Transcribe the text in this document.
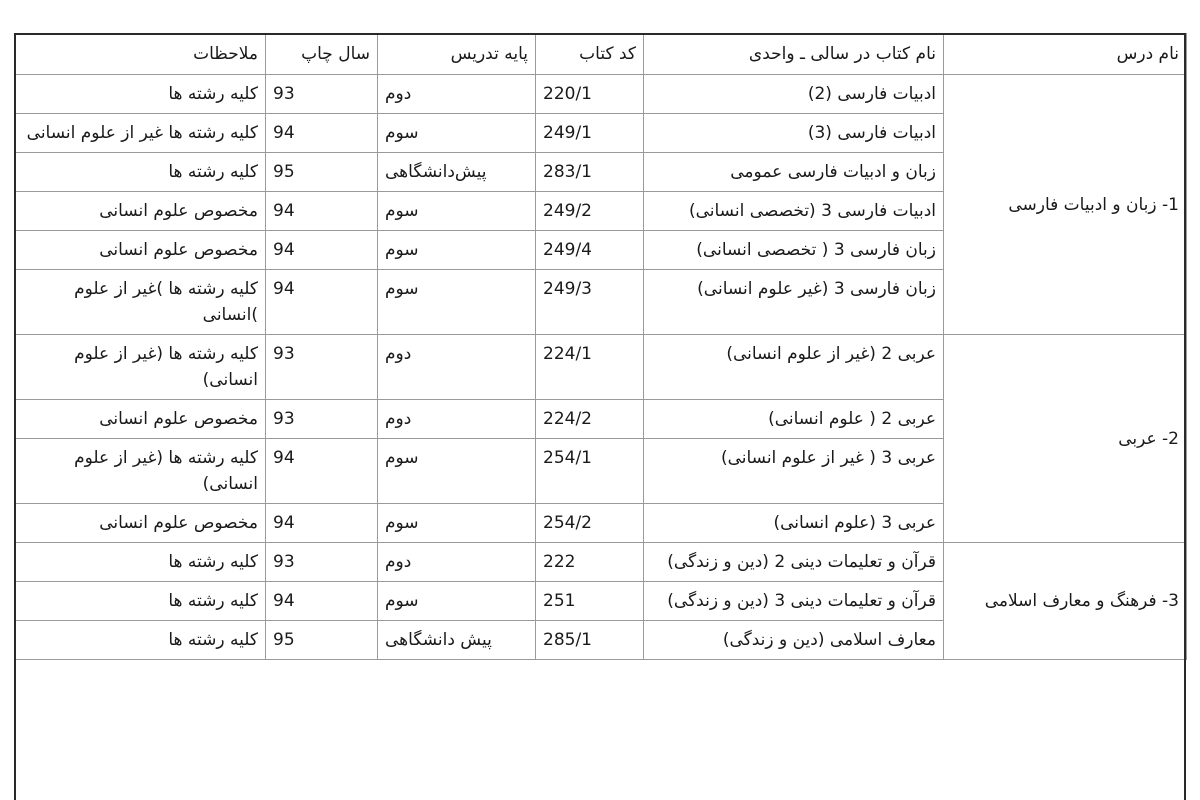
نام درس	نام کتاب در سالی ـ واحدی	کد کتاب	پایه تدریس	سال چاپ	ملاحظات
1- زبان و ادبیات فارسی	ادبیات فارسی (2)	220/1	دوم	93	کلیه رشته ها
	ادبیات فارسی (3)	249/1	سوم	94	کلیه رشته ها غیر از علوم انسانی
	زبان و ادبیات فارسی عمومی	283/1	پیش‌دانشگاهی	95	کلیه رشته ها
	ادبیات فارسی 3 (تخصصی انسانی)	249/2	سوم	94	مخصوص علوم انسانی
	زبان فارسی 3 ( تخصصی انسانی)	249/4	سوم	94	مخصوص علوم انسانی
	زبان فارسی 3 (غیر علوم انسانی)	249/3	سوم	94	کلیه رشته ها )غیر از علوم )انسانی
2- عربی	عربی 2 (غیر از علوم انسانی)	224/1	دوم	93	کلیه رشته ها (غیر از علوم انسانی)
	عربی 2 ( علوم انسانی)	224/2	دوم	93	مخصوص علوم انسانی
	عربی 3 ( غیر از علوم انسانی)	254/1	سوم	94	کلیه رشته ها (غیر از علوم انسانی)
	عربی 3 (علوم انسانی)	254/2	سوم	94	مخصوص علوم انسانی
3- فرهنگ و معارف اسلامی	قرآن و تعلیمات دینی 2 (دین و زندگی)	222	دوم	93	کلیه رشته ها
	قرآن و تعلیمات دینی 3 (دین و زندگی)	251	سوم	94	کلیه رشته ها
	معارف اسلامی (دین و زندگی)	285/1	پیش دانشگاهی	95	کلیه رشته ها
